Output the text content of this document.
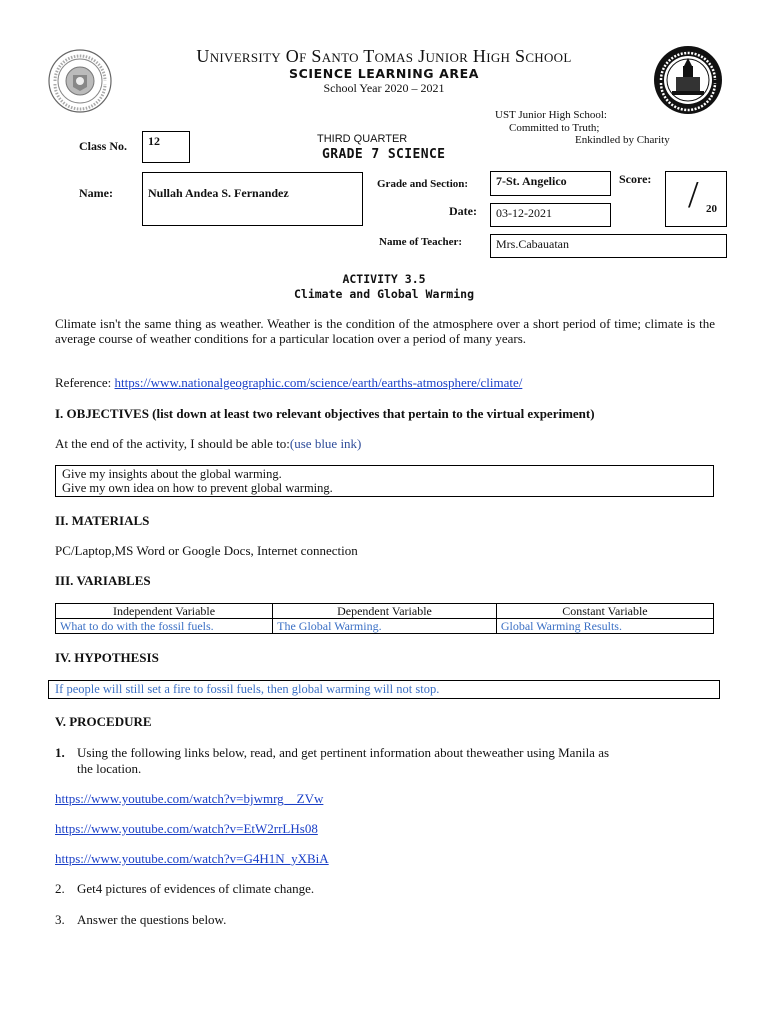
University Of Santo Tomas Junior High School
SCIENCE LEARNING AREA
School Year 2020 – 2021
UST Junior High School:
Committed to Truth;
Enkindled by Charity
Class No.	12	THIRD QUARTER
GRADE 7 SCIENCE
Name:	Nullah Andea S. Fernandez
Grade and Section:	7-St. Angelico	Score: / 20
Date:	03-12-2021
Name of Teacher:	Mrs.Cabauatan
ACTIVITY 3.5
Climate and Global Warming
Climate isn't the same thing as weather. Weather is the condition of the atmosphere over a short period of time; climate is the average course of weather conditions for a particular location over a period of many years.
Reference: https://www.nationalgeographic.com/science/earth/earths-atmosphere/climate/
I. OBJECTIVES (list down at least two relevant objectives that pertain to the virtual experiment)
At the end of the activity, I should be able to:(use blue ink)
Give my insights about the global warming.
Give my own idea on how to prevent global warming.
II. MATERIALS
PC/Laptop,MS Word or Google Docs, Internet connection
III. VARIABLES
Independent Variable	Dependent Variable	Constant Variable
What to do with the fossil fuels.	The Global Warming.	Global Warming Results.
IV. HYPOTHESIS
If people will still set a fire to fossil fuels, then global warming will not stop.
V. PROCEDURE
1. Using the following links below, read, and get pertinent information about theweather using Manila as
the location.
https://www.youtube.com/watch?v=bjwmrg__ZVw
https://www.youtube.com/watch?v=EtW2rrLHs08
https://www.youtube.com/watch?v=G4H1N_yXBiA
2. Get4 pictures of evidences of climate change.
3. Answer the questions below.
